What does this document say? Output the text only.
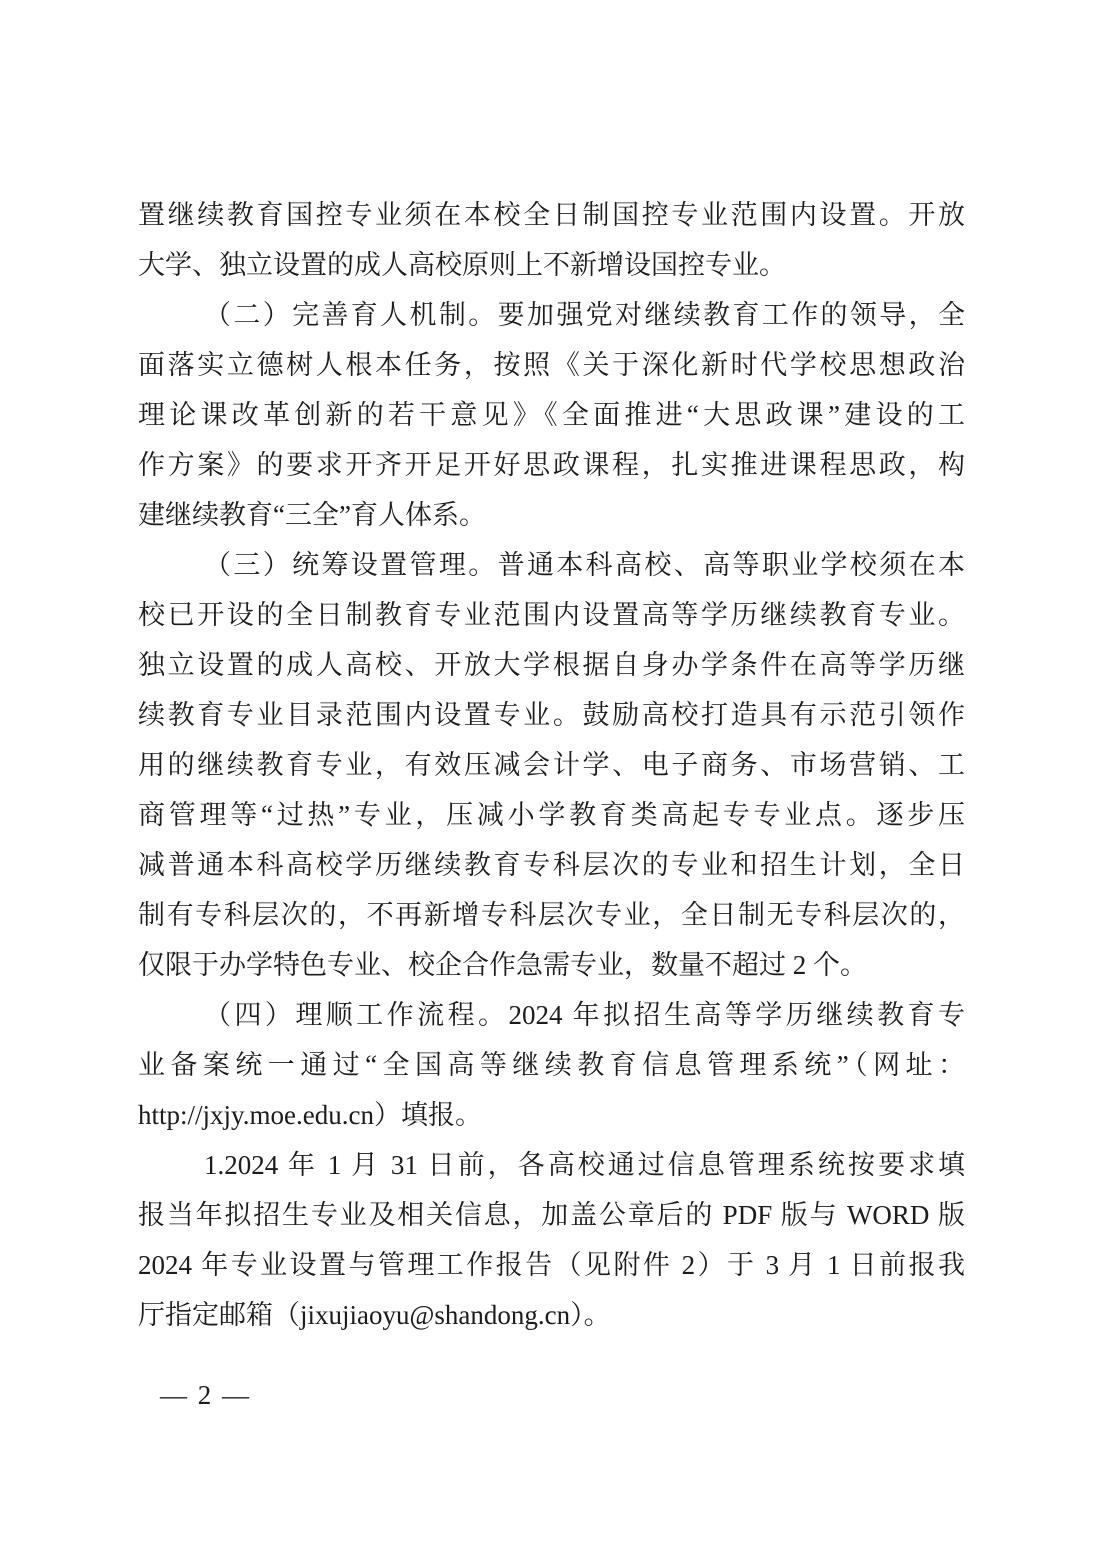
置继续教育国控专业须在本校全日制国控专业范围内设置。开放
大学、独立设置的成人高校原则上不新增设国控专业。
（二）完善育人机制。要加强党对继续教育工作的领导，全
面落实立德树人根本任务，按照《关于深化新时代学校思想政治
理论课改革创新的若干意见》《全面推进“大思政课”建设的工
作方案》的要求开齐开足开好思政课程，扎实推进课程思政，构
建继续教育“三全”育人体系。
（三）统筹设置管理。普通本科高校、高等职业学校须在本
校已开设的全日制教育专业范围内设置高等学历继续教育专业。
独立设置的成人高校、开放大学根据自身办学条件在高等学历继
续教育专业目录范围内设置专业。鼓励高校打造具有示范引领作
用的继续教育专业，有效压减会计学、电子商务、市场营销、工
商管理等“过热”专业，压减小学教育类高起专专业点。逐步压
减普通本科高校学历继续教育专科层次的专业和招生计划，全日
制有专科层次的，不再新增专科层次专业，全日制无专科层次的，
仅限于办学特色专业、校企合作急需专业，数量不超过 2 个。
（四）理顺工作流程。2024 年拟招生高等学历继续教育专
业备案统一通过“全国高等继续教育信息管理系统”（网址：
http://jxjy.moe.edu.cn）填报。
1.2024 年 1 月 31 日前，各高校通过信息管理系统按要求填
报当年拟招生专业及相关信息，加盖公章后的 PDF 版与 WORD 版
2024 年专业设置与管理工作报告（见附件 2）于 3 月 1 日前报我
厅指定邮箱（jixujiaoyu@shandong.cn）。
— 2 —
